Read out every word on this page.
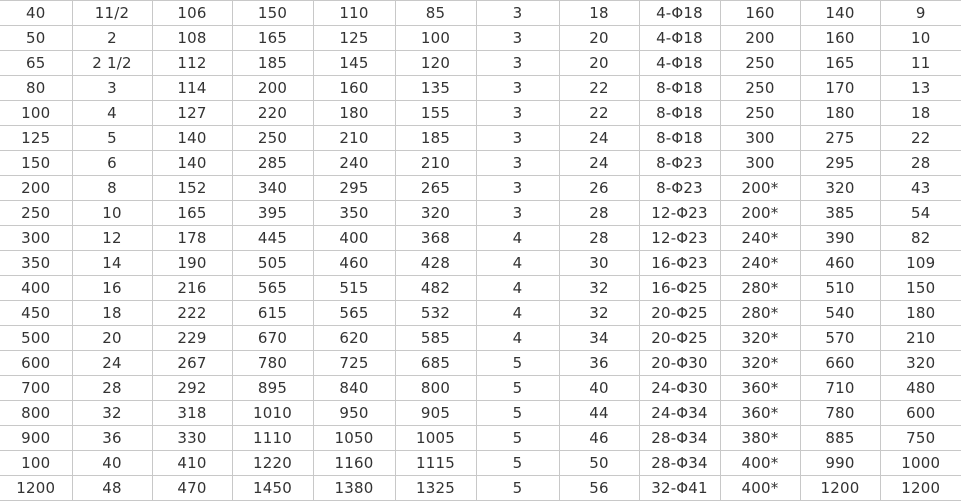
40	11/2	106	150	110	85	3	18	4-Φ18	160	140	9
50	2	108	165	125	100	3	20	4-Φ18	200	160	10
65	2 1/2	112	185	145	120	3	20	4-Φ18	250	165	11
80	3	114	200	160	135	3	22	8-Φ18	250	170	13
100	4	127	220	180	155	3	22	8-Φ18	250	180	18
125	5	140	250	210	185	3	24	8-Φ18	300	275	22
150	6	140	285	240	210	3	24	8-Φ23	300	295	28
200	8	152	340	295	265	3	26	8-Φ23	200*	320	43
250	10	165	395	350	320	3	28	12-Φ23	200*	385	54
300	12	178	445	400	368	4	28	12-Φ23	240*	390	82
350	14	190	505	460	428	4	30	16-Φ23	240*	460	109
400	16	216	565	515	482	4	32	16-Φ25	280*	510	150
450	18	222	615	565	532	4	32	20-Φ25	280*	540	180
500	20	229	670	620	585	4	34	20-Φ25	320*	570	210
600	24	267	780	725	685	5	36	20-Φ30	320*	660	320
700	28	292	895	840	800	5	40	24-Φ30	360*	710	480
800	32	318	1010	950	905	5	44	24-Φ34	360*	780	600
900	36	330	1110	1050	1005	5	46	28-Φ34	380*	885	750
100	40	410	1220	1160	1115	5	50	28-Φ34	400*	990	1000
1200	48	470	1450	1380	1325	5	56	32-Φ41	400*	1200	1200
